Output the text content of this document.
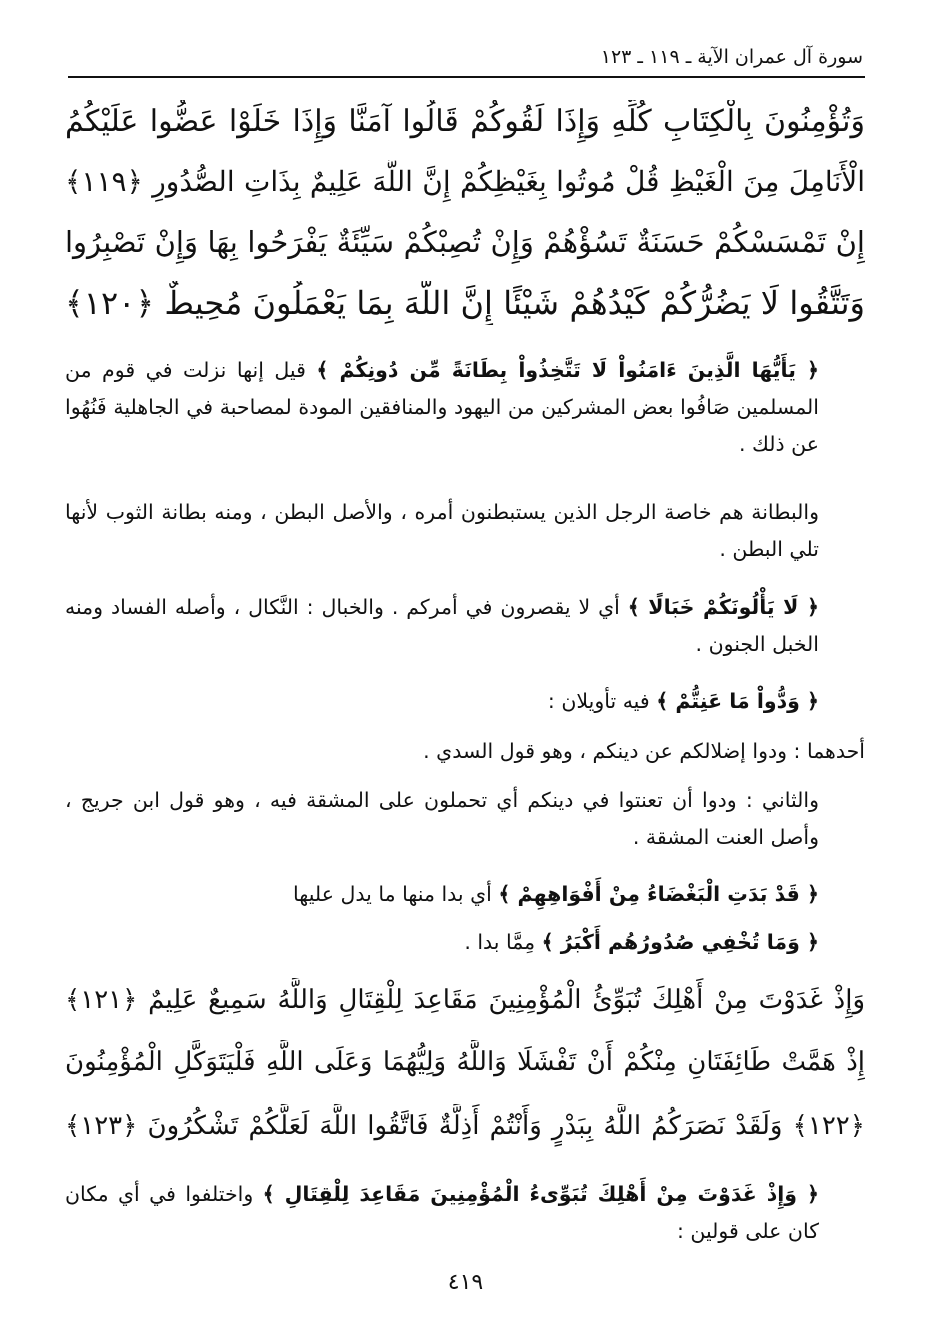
سورة آل عمران الآية ـ ١١٩ ـ ١٢٣
وَتُؤْمِنُونَ بِالْكِتَابِ كُلِّهِ وَإِذَا لَقُوكُمْ قَالُوا آمَنَّا وَإِذَا خَلَوْا عَضُّوا عَلَيْكُمُ
الْأَنَامِلَ مِنَ الْغَيْظِ قُلْ مُوتُوا بِغَيْظِكُمْ إِنَّ اللَّهَ عَلِيمٌ بِذَاتِ الصُّدُورِ ﴿١١٩﴾
إِنْ تَمْسَسْكُمْ حَسَنَةٌ تَسُؤْهُمْ وَإِنْ تُصِبْكُمْ سَيِّئَةٌ يَفْرَحُوا بِهَا وَإِنْ تَصْبِرُوا
وَتَتَّقُوا لَا يَضُرُّكُمْ كَيْدُهُمْ شَيْئًا إِنَّ اللَّهَ بِمَا يَعْمَلُونَ مُحِيطٌ ﴿١٢٠﴾
﴿ يَأَيُّهَا الَّذِينَ ءَامَنُواْ لَا تَتَّخِذُواْ بِطَانَةً مِّن دُونِكُمْ ﴾ قيل إنها نزلت في قوم من المسلمين صَافُوا بعض المشركين من اليهود والمنافقين المودة لمصاحبة في الجاهلية فَنُهُوا عن ذلك .
والبطانة هم خاصة الرجل الذين يستبطنون أمره ، والأصل البطن ، ومنه بطانة الثوب لأنها تلي البطن .
﴿ لَا يَأْلُونَكُمْ خَبَالًا ﴾ أي لا يقصرون في أمركم . والخبال : النَّكال ، وأصله الفساد ومنه الخبل الجنون .
﴿ وَدُّواْ مَا عَنِتُّمْ ﴾ فيه تأويلان :
أحدهما : ودوا إضلالكم عن دينكم ، وهو قول السدي .
والثاني : ودوا أن تعنتوا في دينكم أي تحملون على المشقة فيه ، وهو قول ابن جريج ، وأصل العنت المشقة .
﴿ قَدْ بَدَتِ الْبَغْضَاءُ مِنْ أَفْوَاهِهِمْ ﴾ أي بدا منها ما يدل عليها
﴿ وَمَا تُخْفِي صُدُورُهُم أَكْبَرُ ﴾ مِمَّا بدا .
وَإِذْ غَدَوْتَ مِنْ أَهْلِكَ تُبَوِّئُ الْمُؤْمِنِينَ مَقَاعِدَ لِلْقِتَالِ وَاللَّهُ سَمِيعٌ عَلِيمٌ ﴿١٢١﴾
إِذْ هَمَّتْ طَائِفَتَانِ مِنْكُمْ أَنْ تَفْشَلَا وَاللَّهُ وَلِيُّهُمَا وَعَلَى اللَّهِ فَلْيَتَوَكَّلِ الْمُؤْمِنُونَ
﴿١٢٢﴾ وَلَقَدْ نَصَرَكُمُ اللَّهُ بِبَدْرٍ وَأَنْتُمْ أَذِلَّةٌ فَاتَّقُوا اللَّهَ لَعَلَّكُمْ تَشْكُرُونَ ﴿١٢٣﴾
﴿ وَإِذْ غَدَوْتَ مِنْ أَهْلِكَ تُبَوِّىءُ الْمُؤْمِنِينَ مَقَاعِدَ لِلْقِتَالِ ﴾ واختلفوا في أي مكان كان على قولين :
٤١٩
